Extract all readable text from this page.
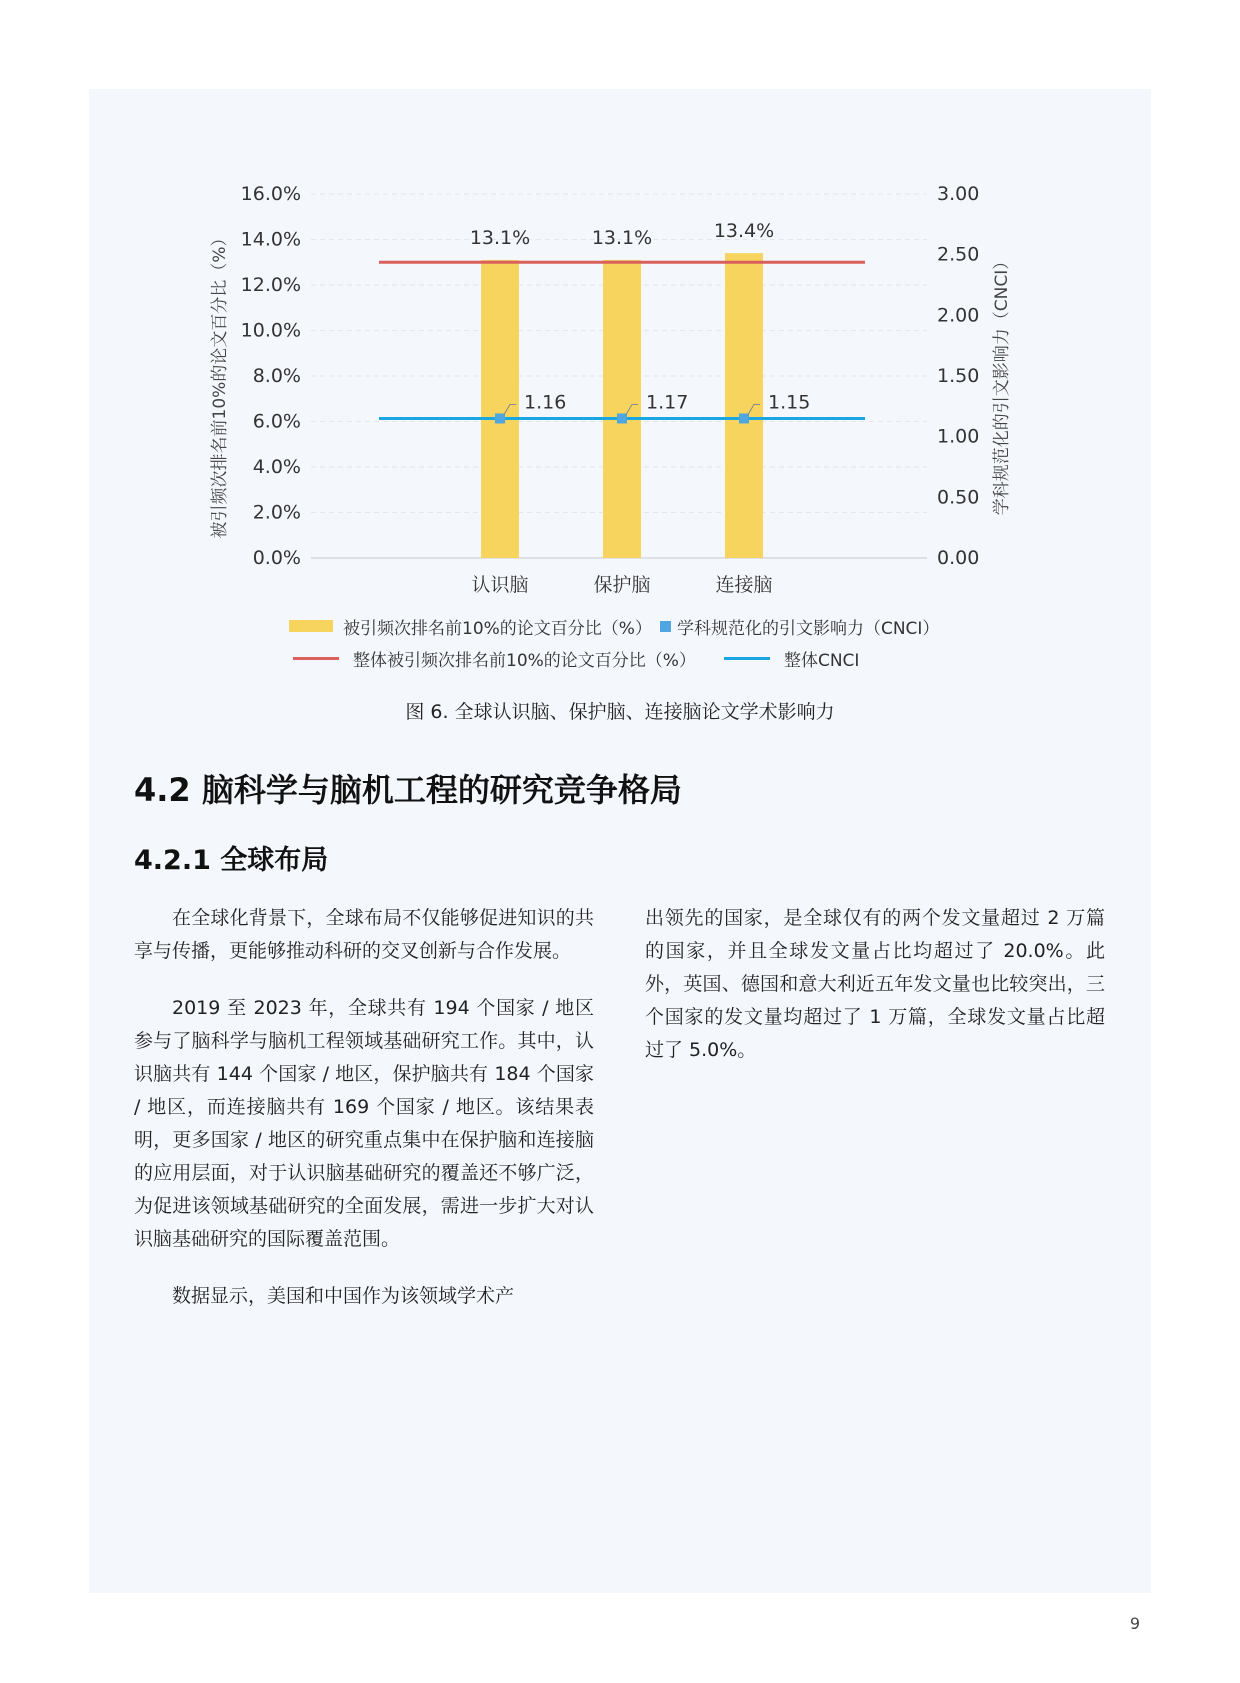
0.0%
2.0%
4.0%
6.0%
8.0%
10.0%
12.0%
14.0%
16.0%
0.00
0.50
1.00
1.50
2.00
2.50
3.00
13.1%	13.1%	13.4%
1.16	1.17	1.15
认识脑	保护脑	连接脑
被引频次排名前10%的论文百分比（%）	学科规范化的引文影响力（CNCI）
被引频次排名前10%的论文百分比（%） 学科规范化的引文影响力（CNCI）
整体被引频次排名前10%的论文百分比（%）	整体CNCI
图 6. 全球认识脑、保护脑、连接脑论文学术影响力
4.2 脑科学与脑机工程的研究竞争格局
4.2.1 全球布局

在全球化背景下，全球布局不仅能够促进知识的共享与传播，更能够推动科研的交叉创新与合作发展。

2019 至 2023 年，全球共有 194 个国家 / 地区参与了脑科学与脑机工程领域基础研究工作。其中，认识脑共有 144 个国家 / 地区，保护脑共有 184 个国家 / 地区，而连接脑共有 169 个国家 / 地区。该结果表明，更多国家 / 地区的研究重点集中在保护脑和连接脑的应用层面，对于认识脑基础研究的覆盖还不够广泛，为促进该领域基础研究的全面发展，需进一步扩大对认识脑基础研究的国际覆盖范围。

数据显示，美国和中国作为该领域学术产

出领先的国家，是全球仅有的两个发文量超过 2 万篇的国家，并且全球发文量占比均超过了 20.0%。此外，英国、德国和意大利近五年发文量也比较突出，三个国家的发文量均超过了 1 万篇，全球发文量占比超过了 5.0%。

9
